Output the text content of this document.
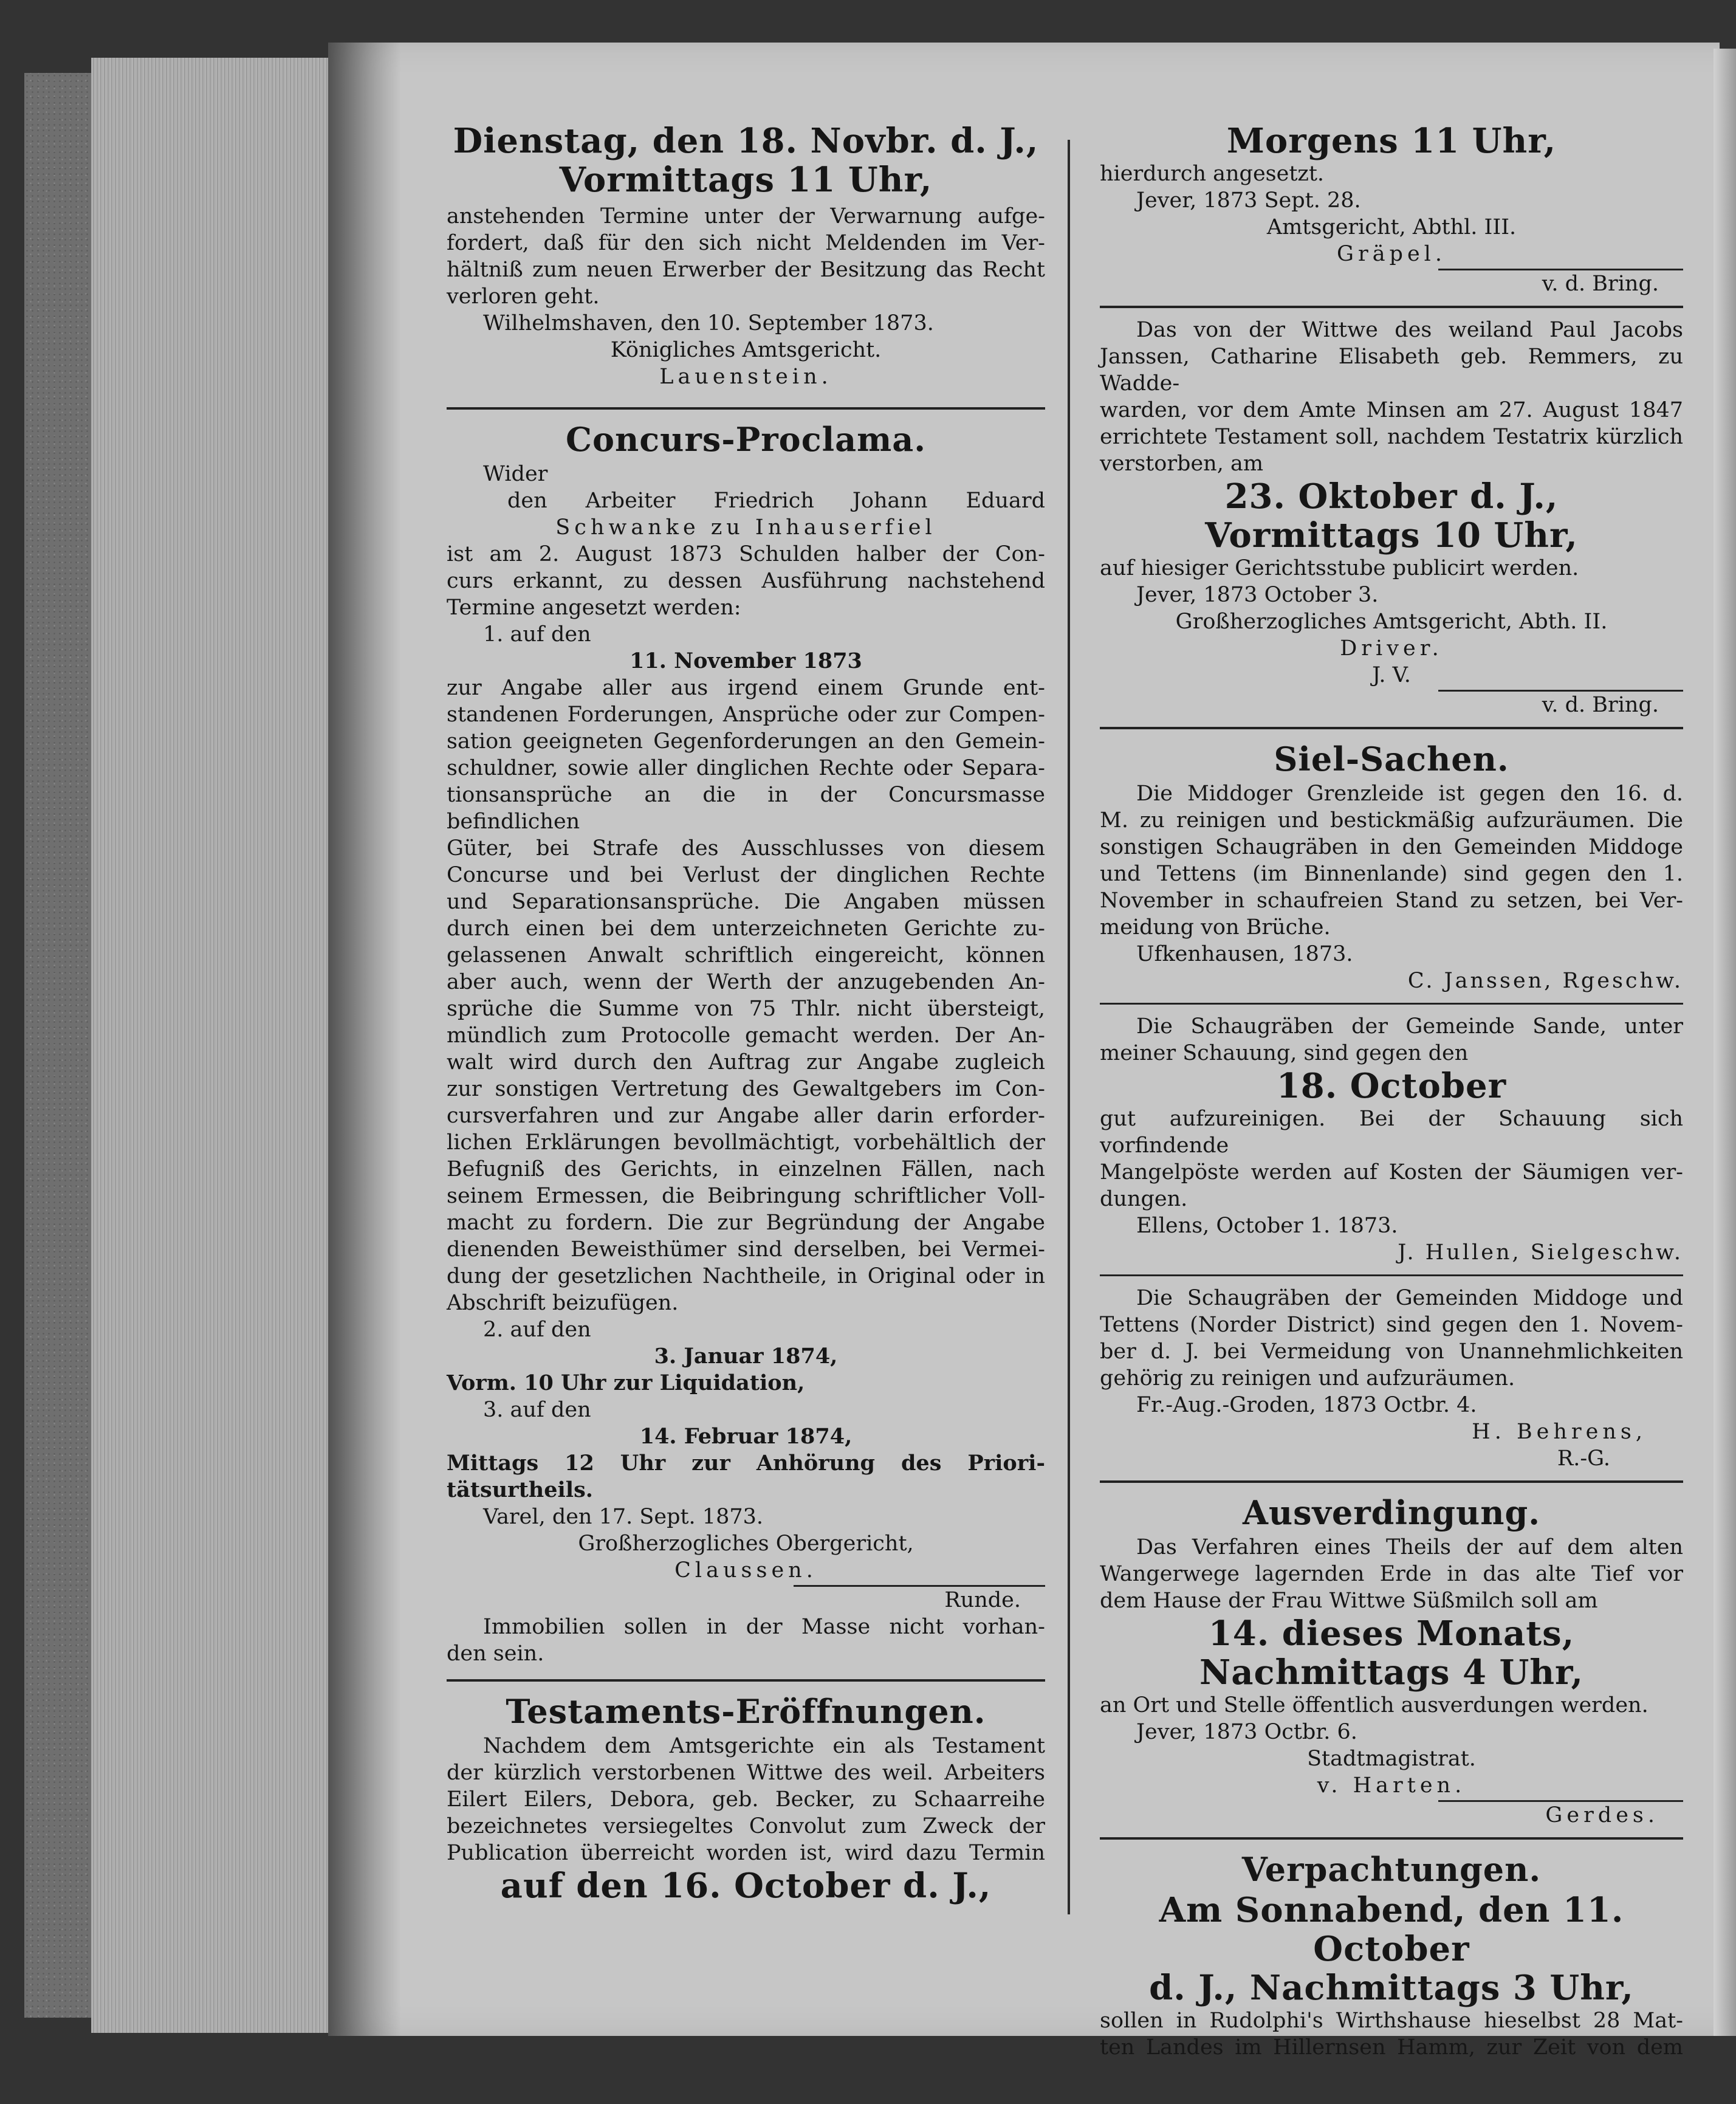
Dienstag, den 18. Novbr. d. J.,

Vormittags 11 Uhr,

anstehenden Termine unter der Verwarnung aufge-

fordert, daß für den sich nicht Meldenden im Ver-

hältniß zum neuen Erwerber der Besitzung das Recht

verloren geht.

Wilhelmshaven, den 10. September 1873.

Königliches Amtsgericht.

Lauenstein.

Concurs-Proclama.

Wider

den Arbeiter Friedrich Johann Eduard

Schwanke zu Inhauserfiel

ist am 2. August 1873 Schulden halber der Con-

curs erkannt, zu dessen Ausführung nachstehend

Termine angesetzt werden:

1. auf den

11. November 1873

zur Angabe aller aus irgend einem Grunde ent-

standenen Forderungen, Ansprüche oder zur Compen-

sation geeigneten Gegenforderungen an den Gemein-

schuldner, sowie aller dinglichen Rechte oder Separa-

tionsansprüche an die in der Concursmasse befindlichen

Güter, bei Strafe des Ausschlusses von diesem

Concurse und bei Verlust der dinglichen Rechte

und Separationsansprüche. Die Angaben müssen

durch einen bei dem unterzeichneten Gerichte zu-

gelassenen Anwalt schriftlich eingereicht, können

aber auch, wenn der Werth der anzugebenden An-

sprüche die Summe von 75 Thlr. nicht übersteigt,

mündlich zum Protocolle gemacht werden. Der An-

walt wird durch den Auftrag zur Angabe zugleich

zur sonstigen Vertretung des Gewaltgebers im Con-

cursverfahren und zur Angabe aller darin erforder-

lichen Erklärungen bevollmächtigt, vorbehältlich der

Befugniß des Gerichts, in einzelnen Fällen, nach

seinem Ermessen, die Beibringung schriftlicher Voll-

macht zu fordern. Die zur Begründung der Angabe

dienenden Beweisthümer sind derselben, bei Vermei-

dung der gesetzlichen Nachtheile, in Original oder in

Abschrift beizufügen.

2. auf den

3. Januar 1874,

Vorm. 10 Uhr zur Liquidation,

3. auf den

14. Februar 1874,

Mittags 12 Uhr zur Anhörung des Priori-

tätsurtheils.

Varel, den 17. Sept. 1873.

Großherzogliches Obergericht,

Claussen.

Runde.

Immobilien sollen in der Masse nicht vorhan-

den sein.

Testaments-Eröffnungen.

Nachdem dem Amtsgerichte ein als Testament

der kürzlich verstorbenen Wittwe des weil. Arbeiters

Eilert Eilers, Debora, geb. Becker, zu Schaarreihe

bezeichnetes versiegeltes Convolut zum Zweck der

Publication überreicht worden ist, wird dazu Termin

auf den 16. October d. J.,

Morgens 11 Uhr,

hierdurch angesetzt.

Jever, 1873 Sept. 28.

Amtsgericht, Abthl. III.

Gräpel.

v. d. Bring.

Das von der Wittwe des weiland Paul Jacobs

Janssen, Catharine Elisabeth geb. Remmers, zu Wadde-

warden, vor dem Amte Minsen am 27. August 1847

errichtete Testament soll, nachdem Testatrix kürzlich

verstorben, am

23. Oktober d. J.,

Vormittags 10 Uhr,

auf hiesiger Gerichtsstube publicirt werden.

Jever, 1873 October 3.

Großherzogliches Amtsgericht, Abth. II.

Driver.

J. V.

v. d. Bring.

Siel-Sachen.

Die Middoger Grenzleide ist gegen den 16. d.

M. zu reinigen und bestickmäßig aufzuräumen. Die

sonstigen Schaugräben in den Gemeinden Middoge

und Tettens (im Binnenlande) sind gegen den 1.

November in schaufreien Stand zu setzen, bei Ver-

meidung von Brüche.

Ufkenhausen, 1873.

C. Janssen, Rgeschw.

Die Schaugräben der Gemeinde Sande, unter

meiner Schauung, sind gegen den

18. October

gut aufzureinigen. Bei der Schauung sich vorfindende

Mangelpöste werden auf Kosten der Säumigen ver-

dungen.

Ellens, October 1. 1873.

J. Hullen, Sielgeschw.

Die Schaugräben der Gemeinden Middoge und

Tettens (Norder District) sind gegen den 1. Novem-

ber d. J. bei Vermeidung von Unannehmlichkeiten

gehörig zu reinigen und aufzuräumen.

Fr.-Aug.-Groden, 1873 Octbr. 4.

H. Behrens,

R.-G.

Ausverdingung.

Das Verfahren eines Theils der auf dem alten

Wangerwege lagernden Erde in das alte Tief vor

dem Hause der Frau Wittwe Süßmilch soll am

14. dieses Monats,

Nachmittags 4 Uhr,

an Ort und Stelle öffentlich ausverdungen werden.

Jever, 1873 Octbr. 6.

Stadtmagistrat.

v. Harten.

Gerdes.

Verpachtungen.

Am Sonnabend, den 11. October

d. J., Nachmittags 3 Uhr,

sollen in Rudolphi's Wirthshause hieselbst 28 Mat-

ten Landes im Hillernsen Hamm, zur Zeit von dem
